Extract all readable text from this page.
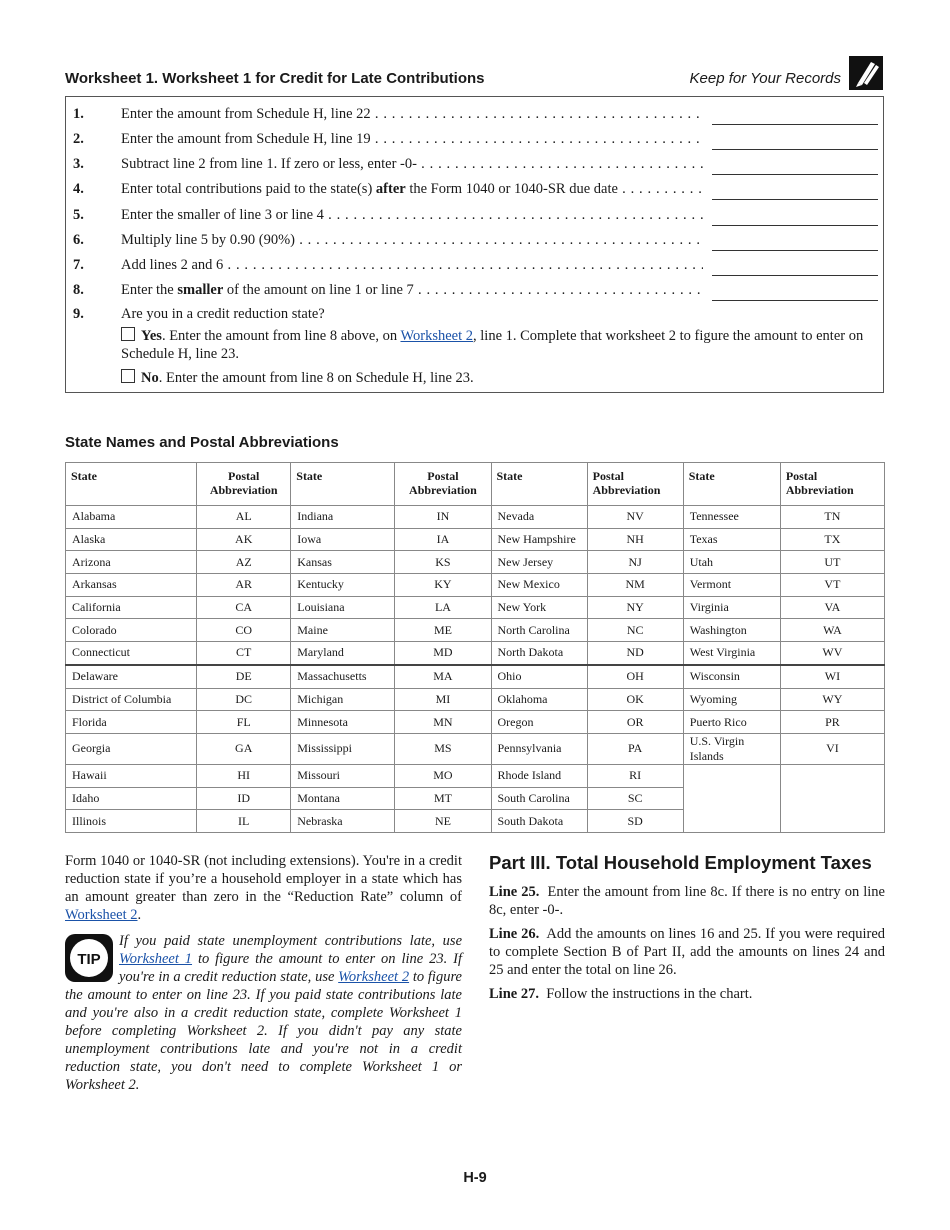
Worksheet 1. Worksheet 1 for Credit for Late Contributions	Keep for Your Records
1.	Enter the amount from Schedule H, line 22 . . .
2.	Enter the amount from Schedule H, line 19 . . .
3.	Subtract line 2 from line 1. If zero or less, enter -0- . . .
4.	Enter total contributions paid to the state(s) after the Form 1040 or 1040-SR due date . . .
5.	Enter the smaller of line 3 or line 4 . . .
6.	Multiply line 5 by 0.90 (90%) . . .
7.	Add lines 2 and 6 . . .
8.	Enter the smaller of the amount on line 1 or line 7 . . .
9.	Are you in a credit reduction state?
Yes. Enter the amount from line 8 above, on Worksheet 2, line 1. Complete that worksheet 2 to figure the amount to enter on Schedule H, line 23.
No. Enter the amount from line 8 on Schedule H, line 23.
State Names and Postal Abbreviations
State	Postal Abbreviation	State	Postal Abbreviation	State	Postal Abbreviation	State	Postal Abbreviation
Alabama	AL	Indiana	IN	Nevada	NV	Tennessee	TN
Alaska	AK	Iowa	IA	New Hampshire	NH	Texas	TX
Arizona	AZ	Kansas	KS	New Jersey	NJ	Utah	UT
Arkansas	AR	Kentucky	KY	New Mexico	NM	Vermont	VT
California	CA	Louisiana	LA	New York	NY	Virginia	VA
Colorado	CO	Maine	ME	North Carolina	NC	Washington	WA
Connecticut	CT	Maryland	MD	North Dakota	ND	West Virginia	WV
Delaware	DE	Massachusetts	MA	Ohio	OH	Wisconsin	WI
District of Columbia	DC	Michigan	MI	Oklahoma	OK	Wyoming	WY
Florida	FL	Minnesota	MN	Oregon	OR	Puerto Rico	PR
Georgia	GA	Mississippi	MS	Pennsylvania	PA	U.S. Virgin Islands	VI
Hawaii	HI	Missouri	MO	Rhode Island	RI		
Idaho	ID	Montana	MT	South Carolina	SC		
Illinois	IL	Nebraska	NE	South Dakota	SD		

Form 1040 or 1040-SR (not including extensions). You're in a credit reduction state if you’re a household employer in a state which has an amount greater than zero in the “Reduction Rate” column of Worksheet 2.

TIP

If you paid state unemployment contributions late, use Worksheet 1 to figure the amount to enter on line 23. If you're in a credit reduction state, use Worksheet 2 to figure the amount to enter on line 23. If you paid state contributions late and you're also in a credit reduction state, complete Worksheet 1 before completing Worksheet 2. If you didn't pay any state unemployment contributions late and you're not in a credit reduction state, you don't need to complete Worksheet 1 or Worksheet 2.

Part III. Total Household Employment Taxes

Line 25. Enter the amount from line 8c. If there is no entry on line 8c, enter -0-.

Line 26. Add the amounts on lines 16 and 25. If you were required to complete Section B of Part II, add the amounts on lines 24 and 25 and enter the total on line 26.

Line 27. Follow the instructions in the chart.

H-9
